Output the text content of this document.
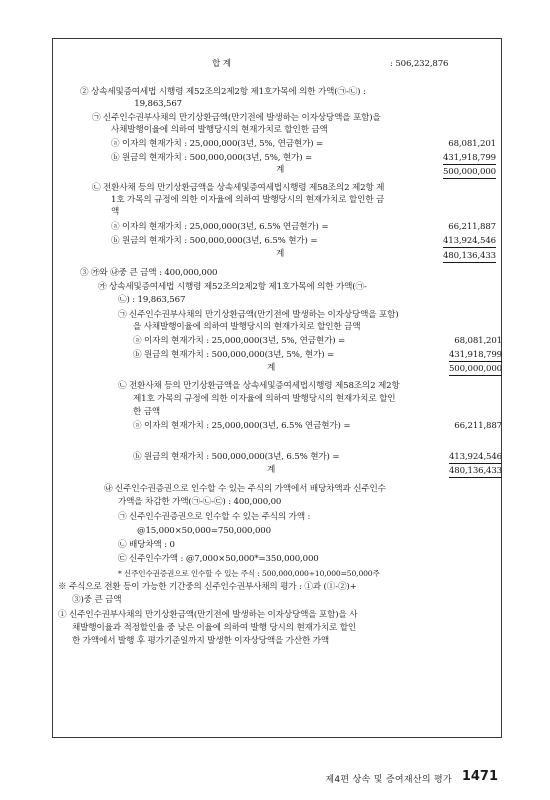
합 계	: 506,232,876
② 상속세및증여세법 시행령 제52조의2제2항 제1호가목에 의한 가액(㉠-㉡) :
19,863,567
㉠ 신주인수권부사채의 만기상환금액(만기전에 발생하는 이자상당액을 포함)을
사채발행이율에 의하여 발행당시의 현재가치로 할인한 금액
ⓐ 이자의 현재가치 : 25,000,000(3년, 5%, 연금현가) =	68,081,201
ⓑ 원금의 현재가치 : 500,000,000(3년, 5%, 현가) =	431,918,799
계	500,000,000
㉡ 전환사채 등의 만기상환금액을 상속세및증여세법시행령 제58조의2 제2항 제
1호 가목의 규정에 의한 이자율에 의하여 발행당시의 현재가치로 할인한 금
액
ⓐ 이자의 현재가치 : 25,000,000(3년, 6.5% 연금현가) =	66,211,887
ⓑ 원금의 현재가치 : 500,000,000(3년, 6.5% 현가) =	413,924,546
계	480,136,433
③ ㉮와 ㉯중 큰 금액 : 400,000,000
㉮ 상속세및증여세법 시행령 제52조의2제2항 제1호가목에 의한 가액(㉠-
㉡) : 19,863,567
㉠ 신주인수권부사채의 만기상환금액(만기전에 발생하는 이자상당액을 포함)
을 사채발행이율에 의하여 발행당시의 현재가치로 할인한 금액
ⓐ 이자의 현재가치 : 25,000,000(3년, 5%, 연금현가) =	68,081,201
ⓑ 원금의 현재가치 : 500,000,000(3년, 5%, 현가) =	431,918,799
계	500,000,000
㉡ 전환사채 등의 만기상환금액을 상속세및증여세법시행령 제58조의2 제2항
제1호 가목의 규정에 의한 이자율에 의하여 발행당시의 현재가치로 할인
한 금액
ⓐ 이자의 현재가치 : 25,000,000(3년, 6.5% 연금현가) =	66,211,887
ⓑ 원금의 현재가치 : 500,000,000(3년, 6.5% 현가) =	413,924,546
계	480,136,433
㉯ 신주인수권증권으로 인수할 수 있는 주식의 가액에서 배당차액과 신주인수
가액을 차감한 가액(㉠-㉡-㉢) : 400,000,00
㉠ 신주인수권증권으로 인수할 수 있는 주식의 가액 :
@15,000×50,000=750,000,000
㉡ 배당차액 : 0
㉢ 신주인수가액 : @7,000×50,000*=350,000,000
* 신주인수권증권으로 인수할 수 있는 주식 : 500,000,000÷10,000=50,000주
※ 주식으로 전환 등이 가능한 기간중의 신주인수권부사채의 평가 : ①과 (①-②)+
③)중 큰 금액
① 신주인수권부사채의 만기상환금액(만기전에 발생하는 이자상당액을 포함)을 사
채발행이율과 적정할인율 중 낮은 이율에 의하여 발행 당시의 현재가치로 할인
한 가액에서 발행 후 평가기준일까지 발생한 이자상당액을 가산한 가액
제4편 상속 및 증여재산의 평가 1471
